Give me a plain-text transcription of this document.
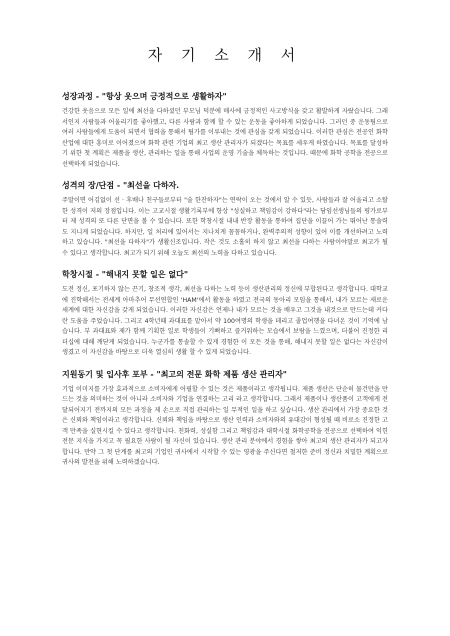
자 기 소 개 서
성장과정 - "항상 웃으며 긍정적으로 생활하자"

건강한 웃음으로 모든 일에 최선을 다하셨던 부모님 덕분에 매사에 긍정적인 사고방식을 갖고 활발하게 자랐습니다. 그래서인지 사람들과 어울리기를 좋아했고, 다른 사람과 함께 할 수 있는 운동을 좋아하게 되었습니다. 그러던 중 운동팀으로 여러 사람들에게 도움이 되면서 협력을 통해서 팀가를 이루내는 것에 관심을 갖게 되었습니다. 이러한 관심은 전공인 화학 산업에 대한 흥미로 이어졌으며 화학 관련 기업의 최고 생산 관리자가 되겠다는 목표를 세우게 하였습니다. 목표를 달성하기 위한 첫 계획은 제품을 생산, 관리하는 일을 통해 사업의 운영 기술을 체득하는 것입니다. 때문에 화학 공학을 전공으로 선택하게 되었습니다.

성격의 장/단점 - "최선을 다하자.

주말이면 어김없이 선 · 후배나 친구들로부터 "술 한잔하자"는 연락이 오는 것에서 알 수 있듯, 사람들과 잘 어울리고 소탈한 성격이 저의 장점입니다. 이는 고교시절 생활기록부에 항상 "성실하고 책임감이 강하다"라는 담임선생님들의 평가로부터 제 성격의 또 다른 단면을 볼 수 있습니다. 또한 학창시절 내내 반장 활동을 통하여 집단을 이끌어 가는 뛰어난 통솔력도 지니게 되었습니다. 하지만, 일 처리에 있어서는 지나치게 꼼꼼하거나, 완벽주의적 성향이 있어 이를 개선하려고 노력하고 있습니다. "최선을 다하자"가 생활신조입니다. 작은 것도 소홀히 하지 않고 최선을 다하는 사람이야말로 최고가 될 수 있다고 생각합니다. 최고가 되기 위해 오늘도 최선의 노력을 다하고 있습니다.

학창시절 - "해내지 못할 일은 없다"

도전 정신, 포기하지 않는 끈기, 창조적 생각, 최선을 다하는 노력 등이 생산관리의 정신에 부합된다고 생각합니다. 대학교에 진학해서는 전세계 아마추어 무선연합인 'HAM'에서 활동을 하였고 전국의 동아리 모임을 통해서, 내가 모르는 새로운 세계에 대한 자신감을 갖게 되었습니다. 이러한 자신감은 언제나 내가 모르는 것을 배우고 그것을 내것으로 만드는데 커다란 도움을 주었습니다. 그리고 4학년때 과대표를 맡아서 약 100여명의 학생을 데리고 졸업여행을 다녀온 것이 기억에 남습니다. 부 과대표와 제가 함께 기획한 일로 학생들이 기뻐하고 즐거워하는 모습에서 보람을 느꼈으며, 더불어 진정한 리더십에 대해 깨닫게 되었습니다. 누군가를 통솔할 수 있게 경험한 이 모든 것을 통해, 해내지 못할 일은 없다는 자신감이 생겼고 이 자신감을 바탕으로 더욱 열심히 생활 할 수 있게 되었습니다.

지원동기 및 입사후 포부 - "최고의 전문 화학 제품 생산 관리자"

기업 이미지를 가장 효과적으로 소비자에게 어필할 수 있는 것은 제품이라고 생각됩니다. 제품 생산은 단순히 물건만을 만드는 것을 의미하는 것이 아니라 소비자와 기업을 연결하는 고리 라고 생각합니다. 그래서 제품이나 생산품이 고객에게 전달되어지기 전까지의 모든 과정을 제 손으로 직접 관리하는 일 무적인 일을 하고 싶습니다. 생산 관리에서 가장 중요한 것은 신뢰와 책임이라고 생각합니다. 신뢰와 책임을 바탕으로 생산 인력과 소비자와의 유대감이 형성될 때 비로소 진정한 고객 만족을 실현시킬 수 있다고 생각합니다. 친화력, 성실함 그리고 책임감과 대학시절 화학공학을 전공으로 선택하여 익힌 전문 지식을 가지고 꼭 필요한 사람이 될 자신이 있습니다. 생산 관리 분야에서 경험을 쌓아 최고의 생산 관리자가 되고자 합니다. 만약 그 첫 단계를 최고의 기업인 귀사에서 시작할 수 있는 영광을 주신다면 철저한 준비 정신과 치밀한 계획으로 귀사의 발전을 위해 노력하겠습니다.
